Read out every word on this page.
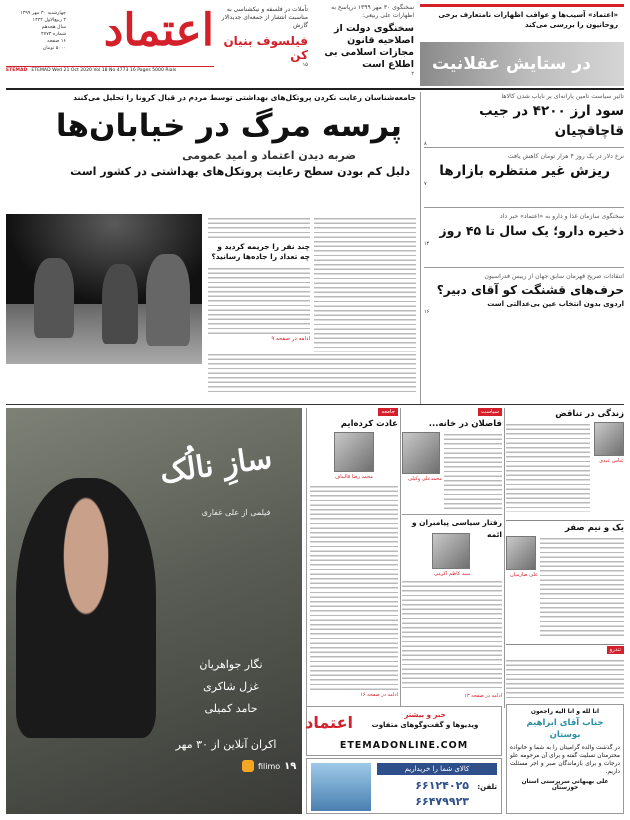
اعتماد
چهارشنبه ۳۰ مهر ۱۳۹۹
۳ ربیع‌الاول ۱۴۴۲
سال هجدهم
شماره ۴۷۷۳
۱۶ صفحه
۵۰۰۰ تومان
ETEMAD ETEMAD Wed 21 Oct 2020 Vol 18 No 4773 16 Pages 5000 Rials
تأملات در فلسفه و نیکشناسی به مناسبت انتشار از جمعه‌ای جدیدالار گارش
فیلسوف بنیان کن
۱۵
سخنگوی ۳۰ مهر ۱۳۹۹ درپاسخ به اظهارات علی ربیعی:
سخنگوی دولت از اصلاحیه قانون مجازات اسلامی بی اطلاع است
۲
«اعتماد» آسیب‌ها و عواقب اظهارات نامتعارف برخی روحانیون را بررسی می‌کند
در ستایش عقلانیت
جامعه‌شناسان رعایت نکردن پروتکل‌های بهداشتی توسط مردم در قبال کرونا را تحلیل می‌کنند
پرسه مرگ در خیابان‌ها
ضربه دیدن اعتماد و امید عمومی
دلیل کم بودن سطح رعایت پروتکل‌های بهداشتی در کشور است
چند نفر را جریمه کردید و چه تعداد را جاده‌ها رسانید؟
ادامه در صفحه ۹
تاثیر سیاست تامین یارانه‌ای بر نایاب شدن کالاها
سود ارز ۴۲۰۰ در جیب قاچاقچیان
۸
نرخ دلار در یک روز ۴ هزار تومان کاهش یافت
ریزش غیر منتظره بازارها
۷
سخنگوی سازمان غذا و دارو به «اعتماد» خبر داد
ذخیره دارو؛ یک سال تا ۴۵ روز
۱۴
انتقادات صریح قهرمان سابق جهان از رییس فدراسیون
حرف‌های قشنگت کو آقای دبیر؟
اردوی بدون انتخاب عین بی‌عدالتی است
۱۶
زندگی در تناقض
عباس عبدی
یک و نیم صفر
علی صارمیان
تندرو
سیاست
فاصلان در خانه...
محمدعلی وکیلی
رفتار سیاسی پیامبران و ائمه
سید کاظم اکرمی
ادامه در صفحه ۱۳
جامعه
عادت کرده‌ایم
محمد رضا قالیباف
ادامه در صفحه ۱۶
سازِ نالُک
فیلمی از علی غفاری
نگار جواهریان
غزل شاکری
حامد کمیلی
اکران آنلاین از ۳۰ مهر
filimo ۱۹
اعتماد	خبر و بیشتر
ویدیوها و گفت‌وگوهای متفاوت
ETEMADONLINE.COM
کالای شما را خریداریم
تلفن:
۶۶۱۲۴۰۲۵
۶۶۴۷۹۹۲۳
انا لله و انا الیه راجعون
جناب آقای ابراهیم بوستان
در گذشت والده گرامیتان را به شما و خانواده محترمتان تسلیت گفته و برای آن مرحومه علو درجات و برای بازماندگان صبر و اجر مسئلت داریم.
علی بهبهانی سرپرستی استان خوزستان
